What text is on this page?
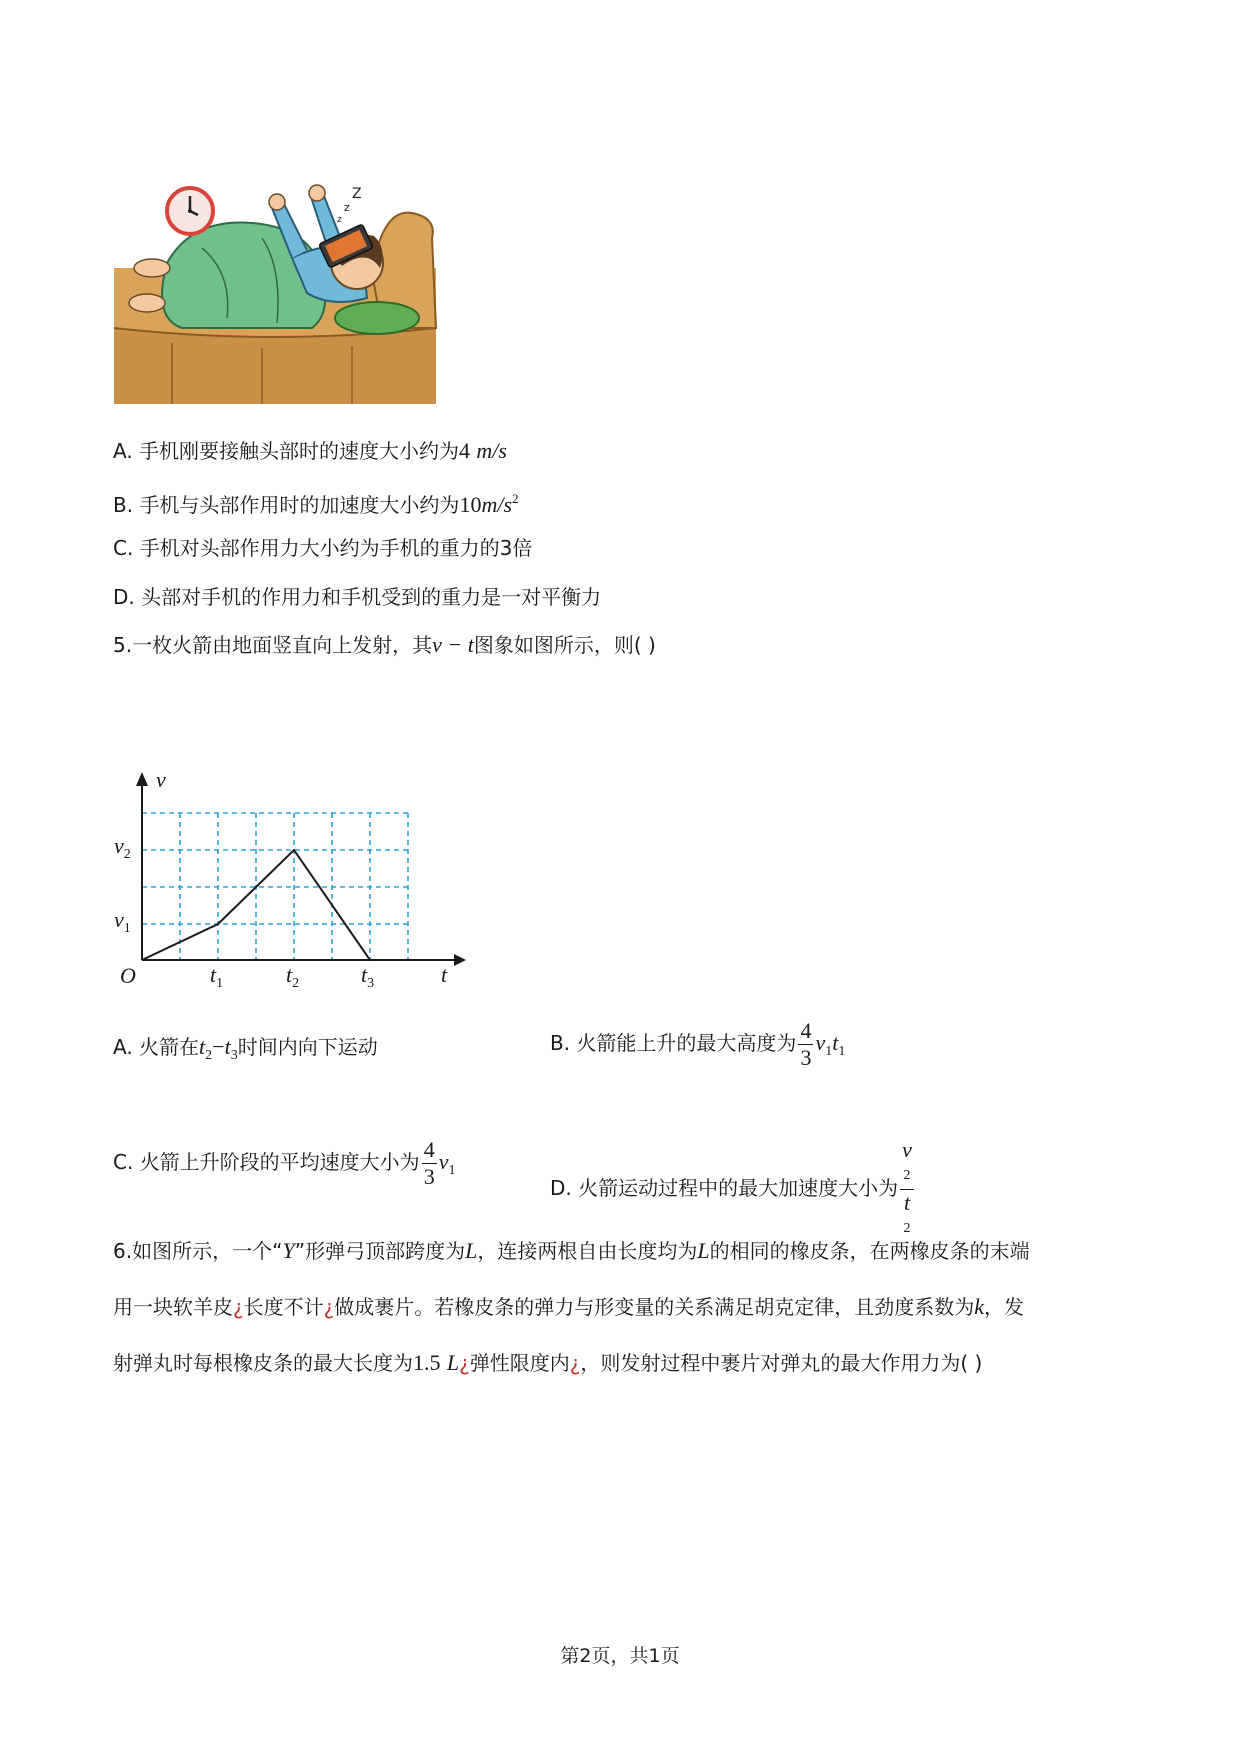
Z
z
z
A. 手机刚要接触头部时的速度大小约为4 m/s
B. 手机与头部作用时的加速度大小约为$10m/s^2$
C. 手机对头部作用力大小约为手机的重力的3倍
D. 头部对手机的作用力和手机受到的重力是一对平衡力
5.一枚火箭由地面竖直向上发射，其v − t图象如图所示，则( )
v
t
O
v2
v1
t1	t2	t3
A. 火箭在$t_2-t_3$时间内向下运动	B. 火箭能上升的最大高度为 $\frac{4}{3} v_1t_1$
C. 火箭上升阶段的平均速度大小为 $\frac{4}{3} v_1$
D. 火箭运动过程中的最大加速度大小为 v
2
t
2
6.如图所示，一个“Y”形弹弓顶部跨度为L，连接两根自由长度均为L的相同的橡皮条，在两橡皮条的末端
用一块软羊皮¿长度不计¿做成裹片。若橡皮条的弹力与形变量的关系满足胡克定律，且劲度系数为k，发
射弹丸时每根橡皮条的最大长度为1.5 L¿弹性限度内¿，则发射过程中裹片对弹丸的最大作用力为( )
第2页，共1页
